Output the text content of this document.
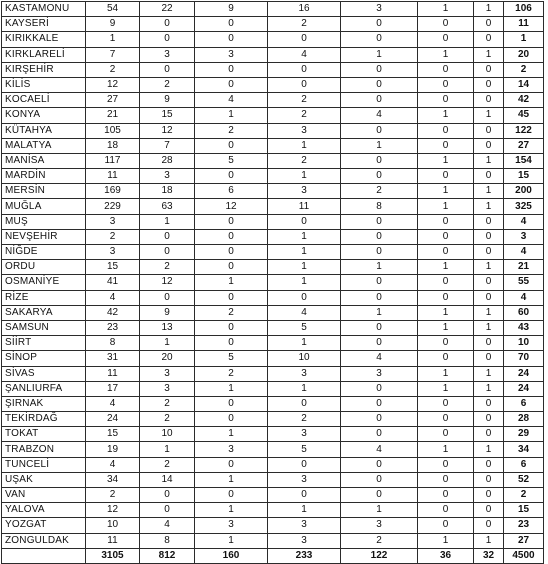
KASTAMONU	54	22	9	16	3	1	1	106
KAYSERİ	9	0	0	2	0	0	0	11
KIRIKKALE	1	0	0	0	0	0	0	1
KIRKLARELİ	7	3	3	4	1	1	1	20
KIRŞEHİR	2	0	0	0	0	0	0	2
KİLİS	12	2	0	0	0	0	0	14
KOCAELİ	27	9	4	2	0	0	0	42
KONYA	21	15	1	2	4	1	1	45
KÜTAHYA	105	12	2	3	0	0	0	122
MALATYA	18	7	0	1	1	0	0	27
MANİSA	117	28	5	2	0	1	1	154
MARDİN	11	3	0	1	0	0	0	15
MERSİN	169	18	6	3	2	1	1	200
MUĞLA	229	63	12	11	8	1	1	325
MUŞ	3	1	0	0	0	0	0	4
NEVŞEHİR	2	0	0	1	0	0	0	3
NİĞDE	3	0	0	1	0	0	0	4
ORDU	15	2	0	1	1	1	1	21
OSMANİYE	41	12	1	1	0	0	0	55
RİZE	4	0	0	0	0	0	0	4
SAKARYA	42	9	2	4	1	1	1	60
SAMSUN	23	13	0	5	0	1	1	43
SİİRT	8	1	0	1	0	0	0	10
SİNOP	31	20	5	10	4	0	0	70
SİVAS	11	3	2	3	3	1	1	24
ŞANLIURFA	17	3	1	1	0	1	1	24
ŞIRNAK	4	2	0	0	0	0	0	6
TEKİRDAĞ	24	2	0	2	0	0	0	28
TOKAT	15	10	1	3	0	0	0	29
TRABZON	19	1	3	5	4	1	1	34
TUNCELİ	4	2	0	0	0	0	0	6
UŞAK	34	14	1	3	0	0	0	52
VAN	2	0	0	0	0	0	0	2
YALOVA	12	0	1	1	1	0	0	15
YOZGAT	10	4	3	3	3	0	0	23
ZONGULDAK	11	8	1	3	2	1	1	27
	3105	812	160	233	122	36	32	4500
